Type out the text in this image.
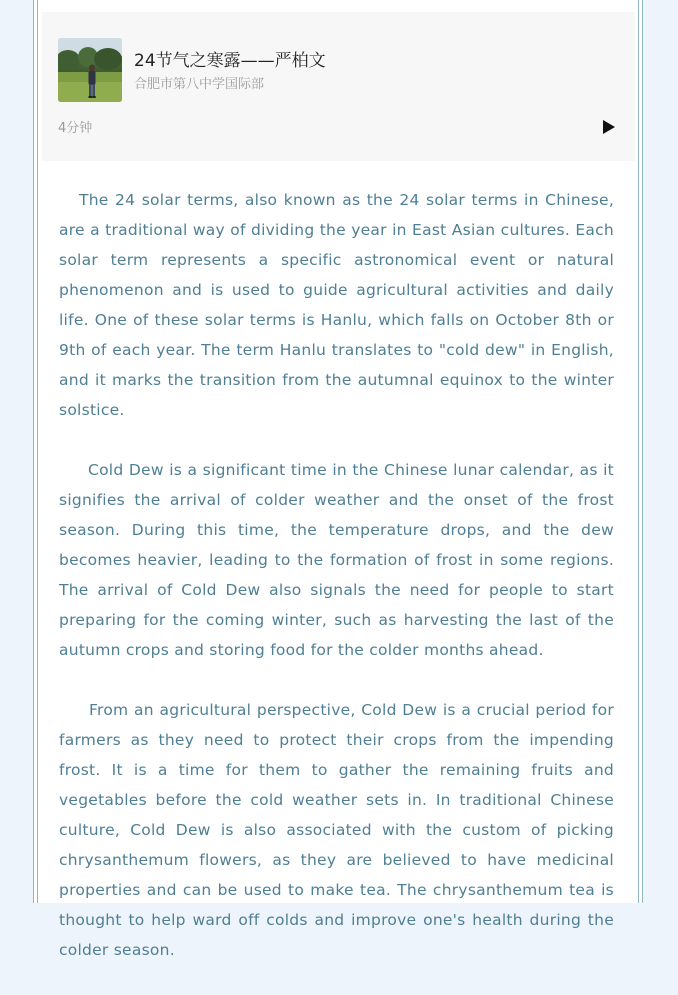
24节气之寒露——严柏文
合肥市第八中学国际部
4分钟

The 24 solar terms, also known as the 24 solar terms in Chinese, are a traditional way of dividing the year in East Asian cultures. Each solar term represents a specific astronomical event or natural phenomenon and is used to guide agricultural activities and daily life. One of these solar terms is Hanlu, which falls on October 8th or 9th of each year. The term Hanlu translates to "cold dew" in English, and it marks the transition from the autumnal equinox to the winter solstice.

Cold Dew is a significant time in the Chinese lunar calendar, as it signifies the arrival of colder weather and the onset of the frost season. During this time, the temperature drops, and the dew becomes heavier, leading to the formation of frost in some regions. The arrival of Cold Dew also signals the need for people to start preparing for the coming winter, such as harvesting the last of the autumn crops and storing food for the colder months ahead.

From an agricultural perspective, Cold Dew is a crucial period for farmers as they need to protect their crops from the impending frost. It is a time for them to gather the remaining fruits and vegetables before the cold weather sets in. In traditional Chinese culture, Cold Dew is also associated with the custom of picking chrysanthemum flowers, as they are believed to have medicinal properties and can be used to make tea. The chrysanthemum tea is thought to help ward off colds and improve one's health during the colder season.
